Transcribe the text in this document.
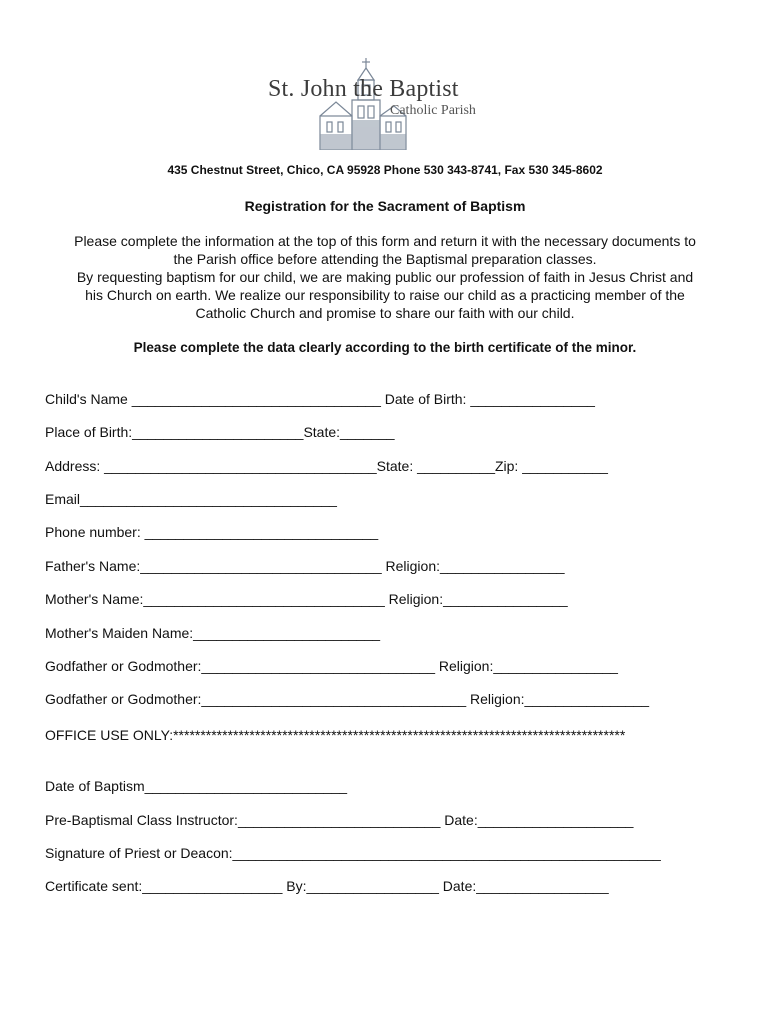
St. John the Baptist
Catholic Parish
435 Chestnut Street, Chico, CA 95928 Phone 530 343-8741, Fax 530 345-8602
Registration for the Sacrament of Baptism
Please complete the information at the top of this form and return it with the necessary documents to
the Parish office before attending the Baptismal preparation classes.
By requesting baptism for our child, we are making public our profession of faith in Jesus Christ and
his Church on earth. We realize our responsibility to raise our child as a practicing member of the
Catholic Church and promise to share our faith with our child.
Please complete the data clearly according to the birth certificate of the minor.
Child's Name ________________________________ Date of Birth: ________________
Place of Birth:______________________State:_______
Address: ___________________________________State: __________Zip: ___________
Email_________________________________
Phone number: ______________________________
Father's Name:_______________________________ Religion:________________
Mother's Name:_______________________________ Religion:________________
Mother's Maiden Name:________________________
Godfather or Godmother:______________________________ Religion:________________
Godfather or Godmother:__________________________________ Religion:________________
OFFICE USE ONLY:***********************************************************************************
Date of Baptism__________________________
Pre-Baptismal Class Instructor:__________________________ Date:____________________
Signature of Priest or Deacon:_______________________________________________________
Certificate sent:__________________ By:_________________ Date:_________________
